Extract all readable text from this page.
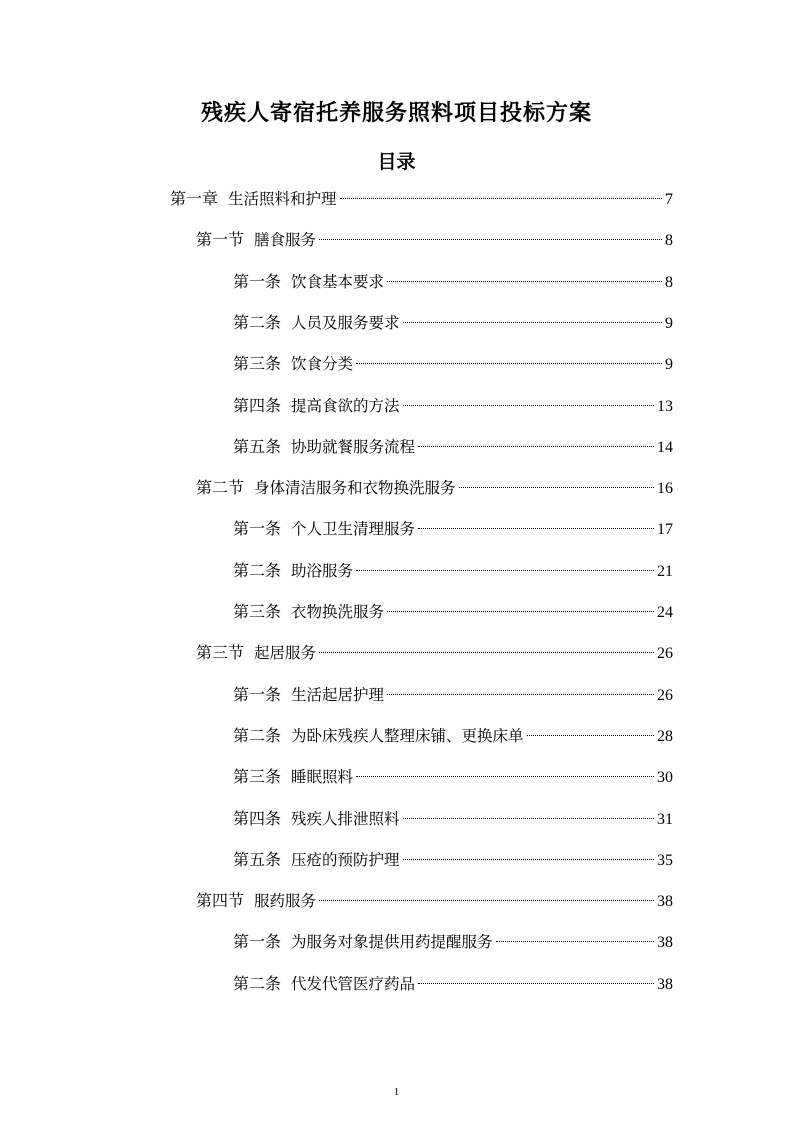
残疾人寄宿托养服务照料项目投标方案
目录
第一章 生活照料和护理	7
第一节 膳食服务	8
第一条 饮食基本要求	8
第二条 人员及服务要求	9
第三条 饮食分类	9
第四条 提高食欲的方法	13
第五条 协助就餐服务流程	14
第二节 身体清洁服务和衣物换洗服务	16
第一条 个人卫生清理服务	17
第二条 助浴服务	21
第三条 衣物换洗服务	24
第三节 起居服务	26
第一条 生活起居护理	26
第二条 为卧床残疾人整理床铺、更换床单	28
第三条 睡眠照料	30
第四条 残疾人排泄照料	31
第五条 压疮的预防护理	35
第四节 服药服务	38
第一条 为服务对象提供用药提醒服务	38
第二条 代发代管医疗药品	38
1
